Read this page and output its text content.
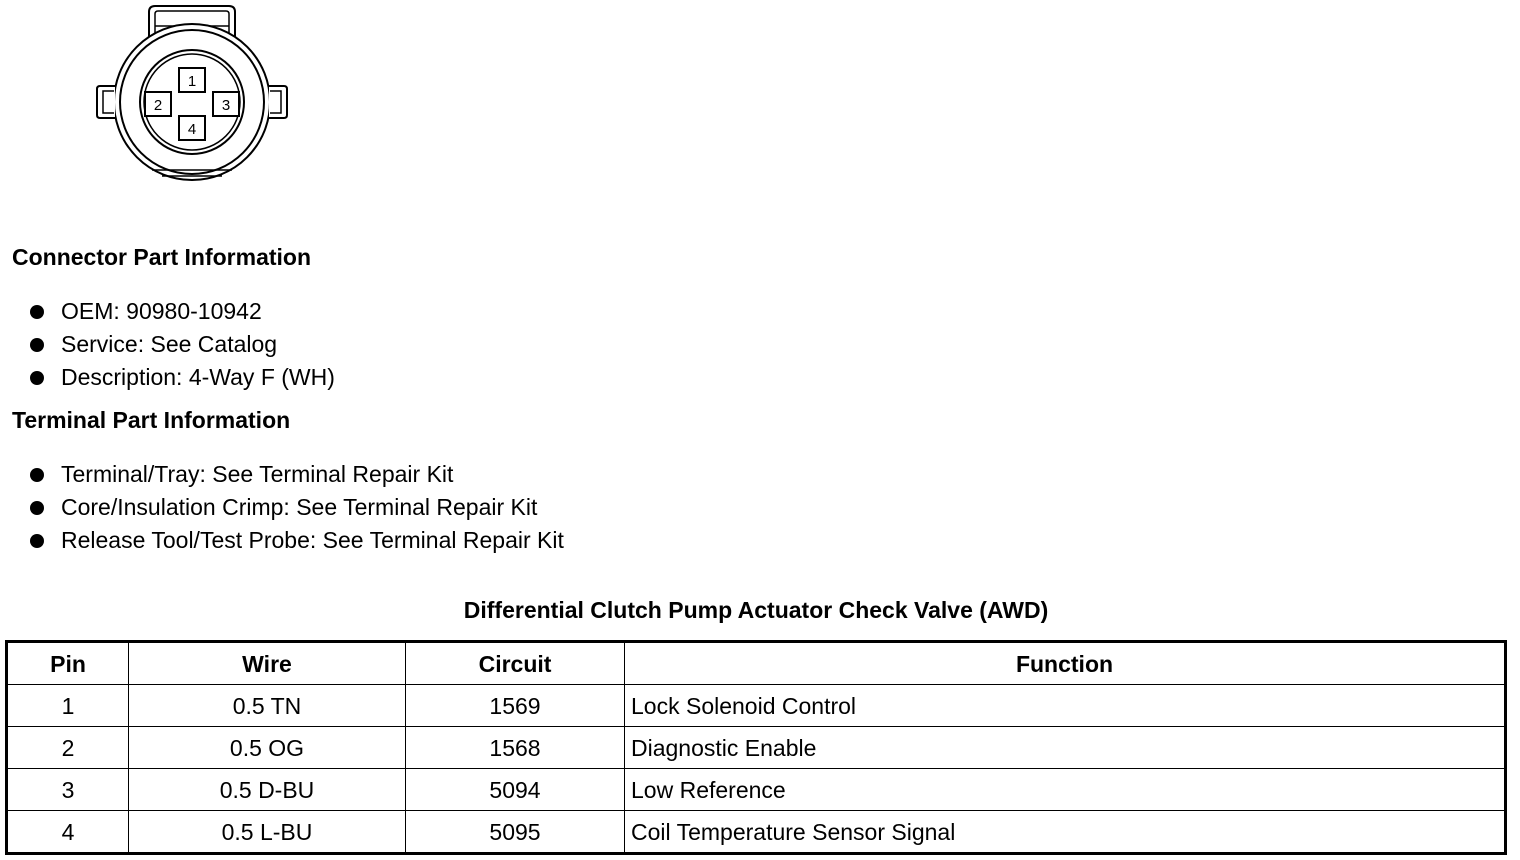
1
2	3
4
Connector Part Information
OEM: 90980-10942
Service: See Catalog
Description: 4-Way F (WH)
Terminal Part Information
Terminal/Tray: See Terminal Repair Kit
Core/Insulation Crimp: See Terminal Repair Kit
Release Tool/Test Probe: See Terminal Repair Kit
Differential Clutch Pump Actuator Check Valve (AWD)
Pin	Wire	Circuit	Function
1	0.5 TN	1569	Lock Solenoid Control
2	0.5 OG	1568	Diagnostic Enable
3	0.5 D-BU	5094	Low Reference
4	0.5 L-BU	5095	Coil Temperature Sensor Signal
